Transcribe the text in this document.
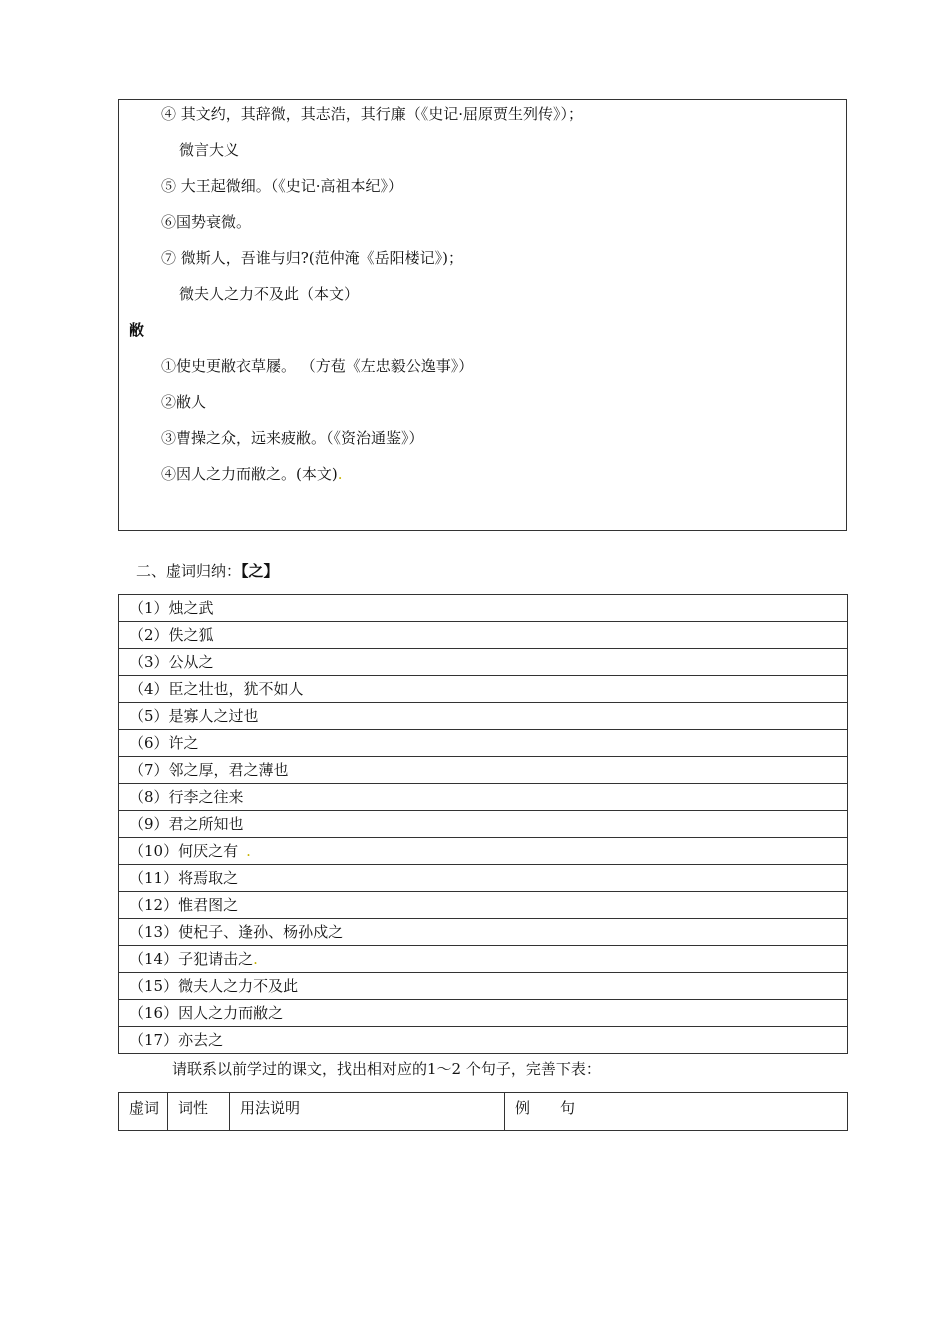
④ 其文约，其辞微，其志浩，其行廉（《史记·屈原贾生列传》）；
微言大义
⑤ 大王起微细。（《史记·高祖本纪》）
⑥国势衰微。
⑦ 微斯人，吾谁与归?(范仲淹《岳阳楼记》)；
微夫人之力不及此（本文）
敝
①使史更敝衣草屦。 （方苞《左忠毅公逸事》）
②敝人
③曹操之众，远来疲敝。（《资治通鉴》）
④因人之力而敝之。(本文).
二、虚词归纳：【之】
（1）烛之武
（2）佚之狐
（3）公从之
（4）臣之壮也，犹不如人
（5）是寡人之过也
（6）许之
（7）邻之厚，君之薄也
（8）行李之往来
（9）君之所知也
（10）何厌之有 .
（11）将焉取之
（12）惟君图之
（13）使杞子、逢孙、杨孙戍之
（14）子犯请击之.
（15）微夫人之力不及此
（16）因人之力而敝之
（17）亦去之
请联系以前学过的课文，找出相对应的1～2 个句子，完善下表：
虚词	词性	用法说明	例　　句
